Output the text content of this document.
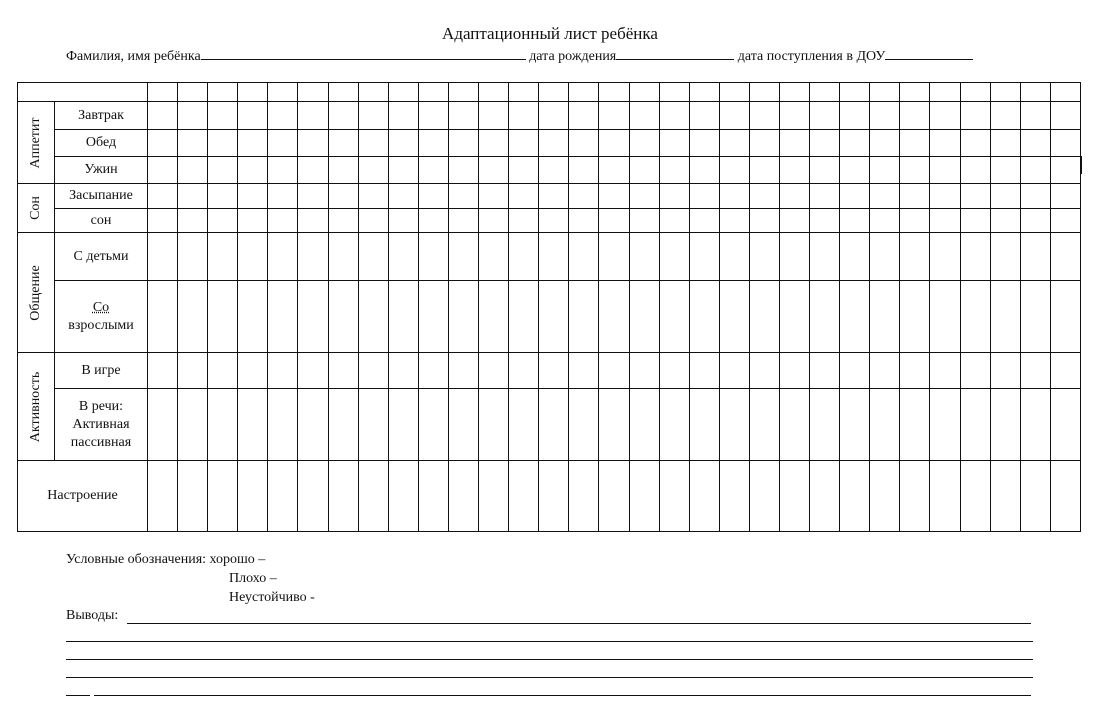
Адаптационный лист ребёнка
Фамилия, имя ребёнка	дата рождения	дата поступления в ДОУ

Аппетит	Завтрак																															

	Обед																															

	Ужин																															

Сон	Засыпание																															

	сон																															

Общение	С детьми																															

	Со
взрослыми																															

Активность	В игре																															

	В речи:
Активная
пассивная																															

Настроение																																

Условные обозначения: хорошо –
Плохо –
Неустойчиво -
Выводы:
